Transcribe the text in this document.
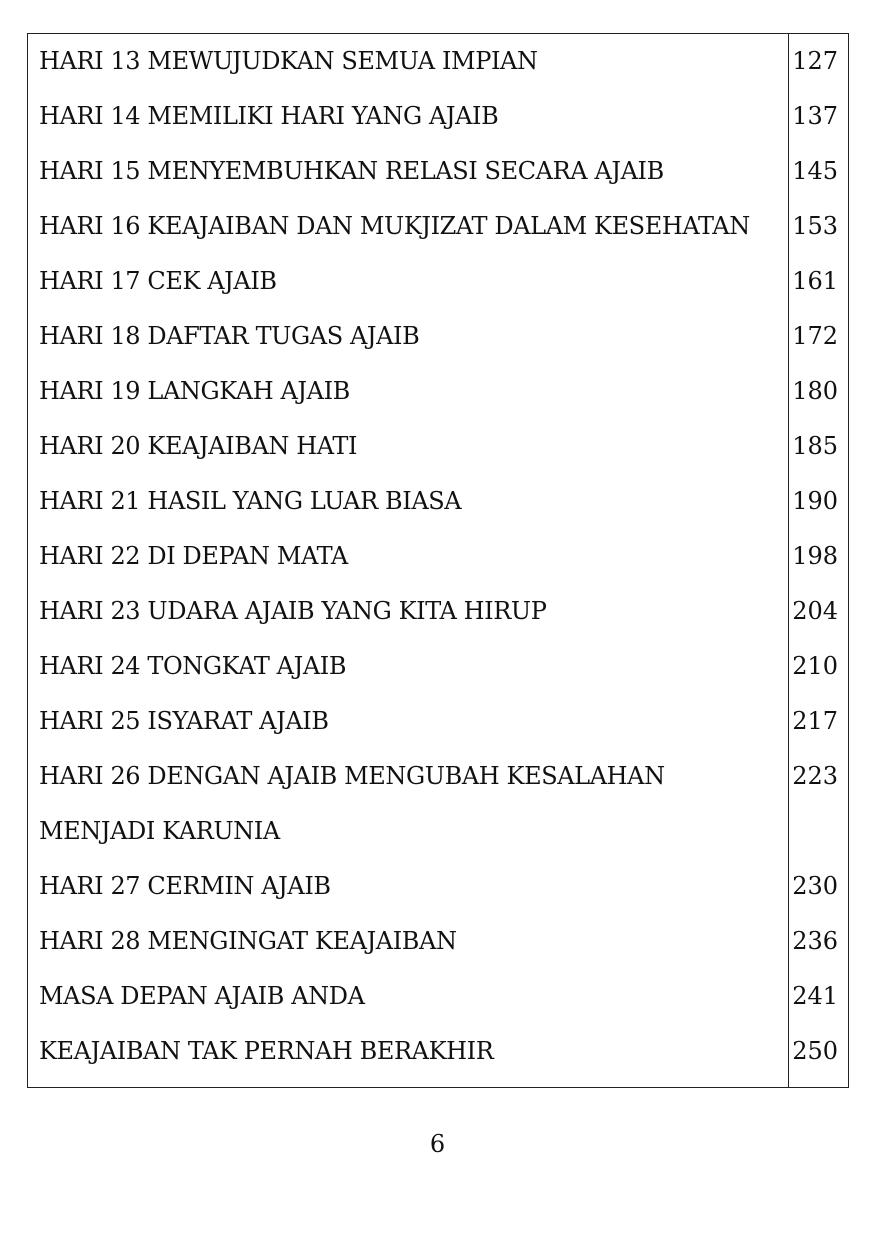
HARI 13 MEWUJUDKAN SEMUA IMPIAN	127
HARI 14 MEMILIKI HARI YANG AJAIB	137
HARI 15 MENYEMBUHKAN RELASI SECARA AJAIB	145
HARI 16 KEAJAIBAN DAN MUKJIZAT DALAM KESEHATAN	153
HARI 17 CEK AJAIB	161
HARI 18 DAFTAR TUGAS AJAIB	172
HARI 19 LANGKAH AJAIB	180
HARI 20 KEAJAIBAN HATI	185
HARI 21 HASIL YANG LUAR BIASA	190
HARI 22 DI DEPAN MATA	198
HARI 23 UDARA AJAIB YANG KITA HIRUP	204
HARI 24 TONGKAT AJAIB	210
HARI 25 ISYARAT AJAIB	217
HARI 26 DENGAN AJAIB MENGUBAH KESALAHAN	223
MENJADI KARUNIA	
HARI 27 CERMIN AJAIB	230
HARI 28 MENGINGAT KEAJAIBAN	236
MASA DEPAN AJAIB ANDA	241
KEAJAIBAN TAK PERNAH BERAKHIR	250
6
